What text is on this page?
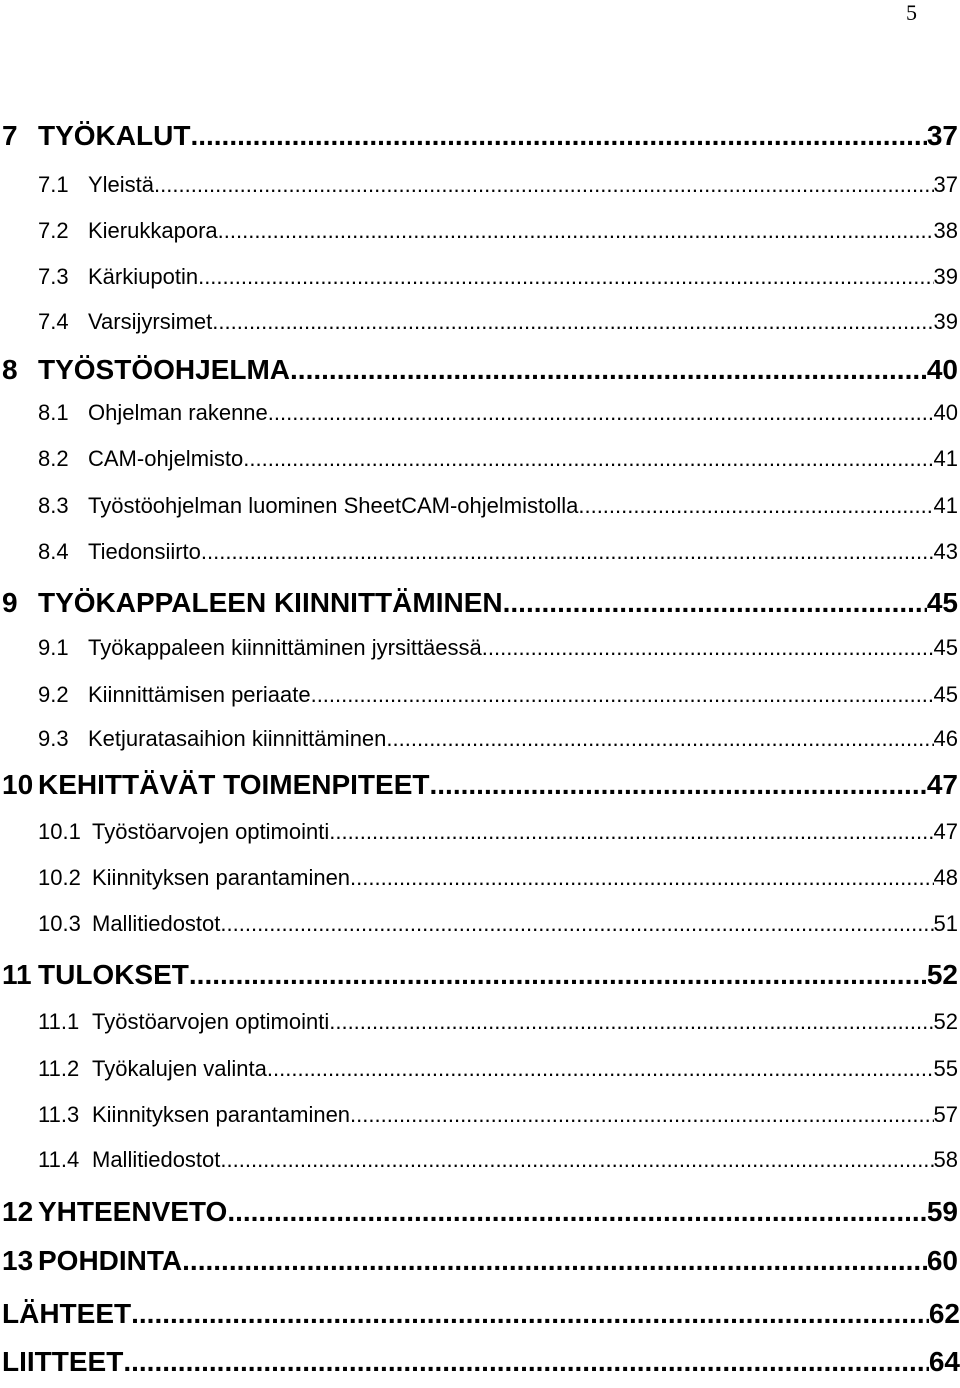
5
7 TYÖKALUT .....	37
7.1 Yleistä .....	37
7.2 Kierukkapora .....	38
7.3 Kärkiupotin .....	39
7.4 Varsijyrsimet .....	39
8 TYÖSTÖOHJELMA .....	40
8.1 Ohjelman rakenne .....	40
8.2 CAM-ohjelmisto .....	41
8.3 Työstöohjelman luominen SheetCAM-ohjelmistolla .....	41
8.4 Tiedonsiirto .....	43
9 TYÖKAPPALEEN KIINNITTÄMINEN .....	45
9.1 Työkappaleen kiinnittäminen jyrsittäessä .....	45
9.2 Kiinnittämisen periaate .....	45
9.3 Ketjuratasaihion kiinnittäminen .....	46
10 KEHITTÄVÄT TOIMENPITEET .....	47
10.1 Työstöarvojen optimointi .....	47
10.2 Kiinnityksen parantaminen .....	48
10.3 Mallitiedostot .....	51
11 TULOKSET .....	52
11.1 Työstöarvojen optimointi .....	52
11.2 Työkalujen valinta .....	55
11.3 Kiinnityksen parantaminen .....	57
11.4 Mallitiedostot .....	58
12 YHTEENVETO .....	59
13 POHDINTA .....	60
LÄHTEET .....	62
LIITTEET .....	64
